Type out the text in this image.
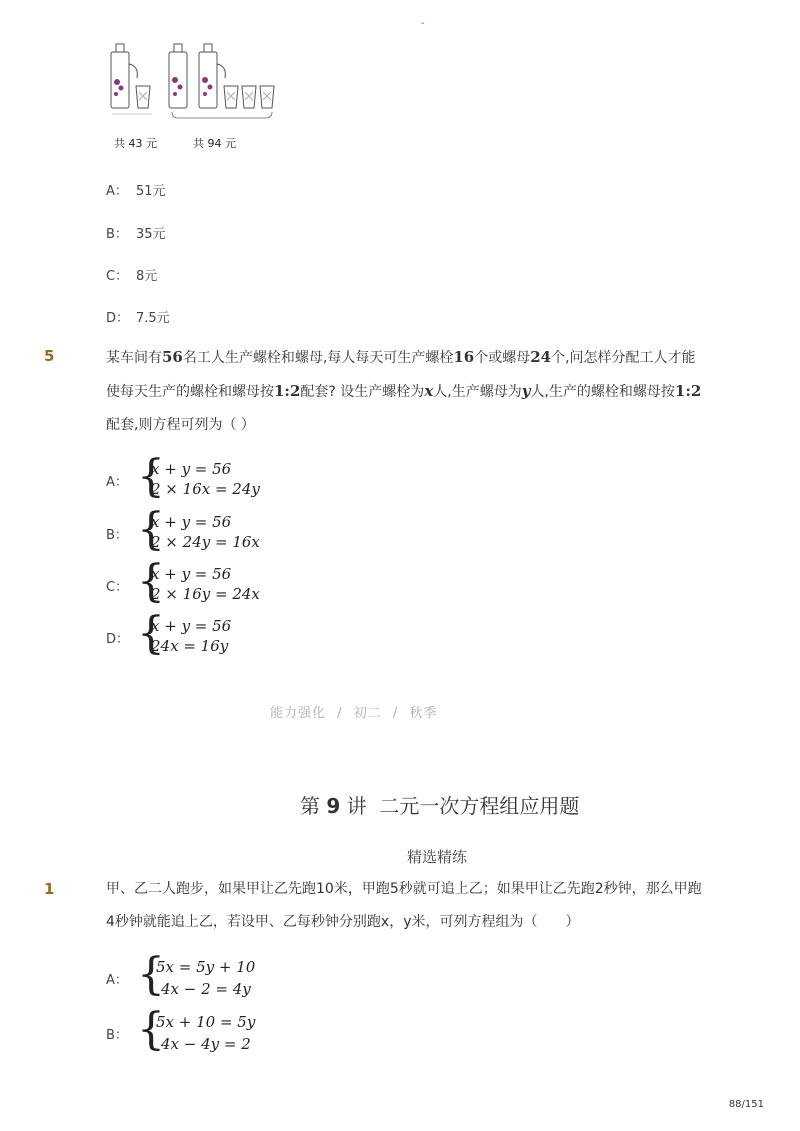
-
共 43 元	共 94 元
A： 51元
B： 35元
C： 8元
D： 7.5元
5	某车间有56名工人生产螺栓和螺母,每人每天可生产螺栓16个或螺母24个,问怎样分配工人才能使每天生产的螺栓和螺母按1:2配套? 设生产螺栓为x人,生产螺母为y人,生产的螺栓和螺母按1:2配套,则方程可列为（ ）
A： {
x + y = 56
2 × 16x = 24y
B： {
x + y = 56
2 × 24y = 16x
C： {
x + y = 56
2 × 16y = 24x
D： {
x + y = 56
24x = 16y
能力强化 / 初二 / 秋季
第 9 讲 二元一次方程组应用题
精选精练
1	甲、乙二人跑步，如果甲让乙先跑10米，甲跑5秒就可追上乙；如果甲让乙先跑2秒钟，那么甲跑4秒钟就能追上乙，若设甲、乙每秒钟分别跑x，y米，可列方程组为（　　）
A： {
5x = 5y + 10
4x − 2 = 4y
B： {
5x + 10 = 5y
4x − 4y = 2
88/151
